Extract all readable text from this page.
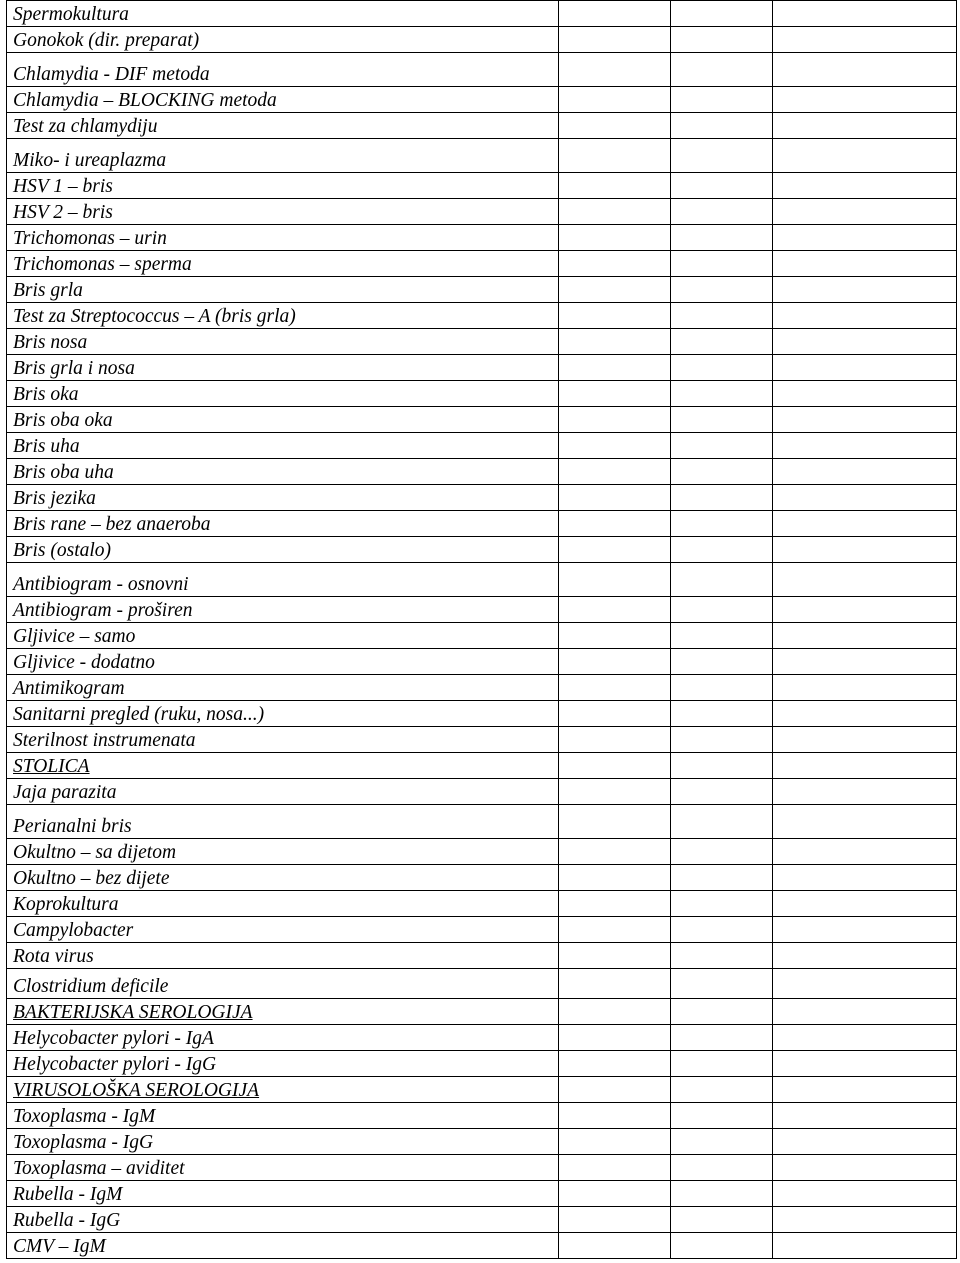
Spermokultura			
Gonokok (dir. preparat)			
Chlamydia - DIF metoda			
Chlamydia – BLOCKING metoda			
Test za chlamydiju			
Miko- i ureaplazma			
HSV 1 – bris			
HSV 2 – bris			
Trichomonas – urin			
Trichomonas – sperma			
Bris grla			
Test za Streptococcus – A (bris grla)			
Bris nosa			
Bris grla i nosa			
Bris oka			
Bris oba oka			
Bris uha			
Bris oba uha			
Bris jezika			
Bris rane – bez anaeroba			
Bris (ostalo)			
Antibiogram - osnovni			
Antibiogram - proširen			
Gljivice – samo			
Gljivice - dodatno			
Antimikogram			
Sanitarni pregled (ruku, nosa...)			
Sterilnost instrumenata			
STOLICA			
Jaja parazita			
Perianalni bris			
Okultno – sa dijetom			
Okultno – bez dijete			
Koprokultura			
Campylobacter			
Rota virus			
Clostridium deficile			
BAKTERIJSKA SEROLOGIJA			
Helycobacter pylori - IgA			
Helycobacter pylori - IgG			
VIRUSOLOŠKA SEROLOGIJA			
Toxoplasma - IgM			
Toxoplasma - IgG			
Toxoplasma – aviditet			
Rubella - IgM			
Rubella - IgG			
CMV – IgM			
